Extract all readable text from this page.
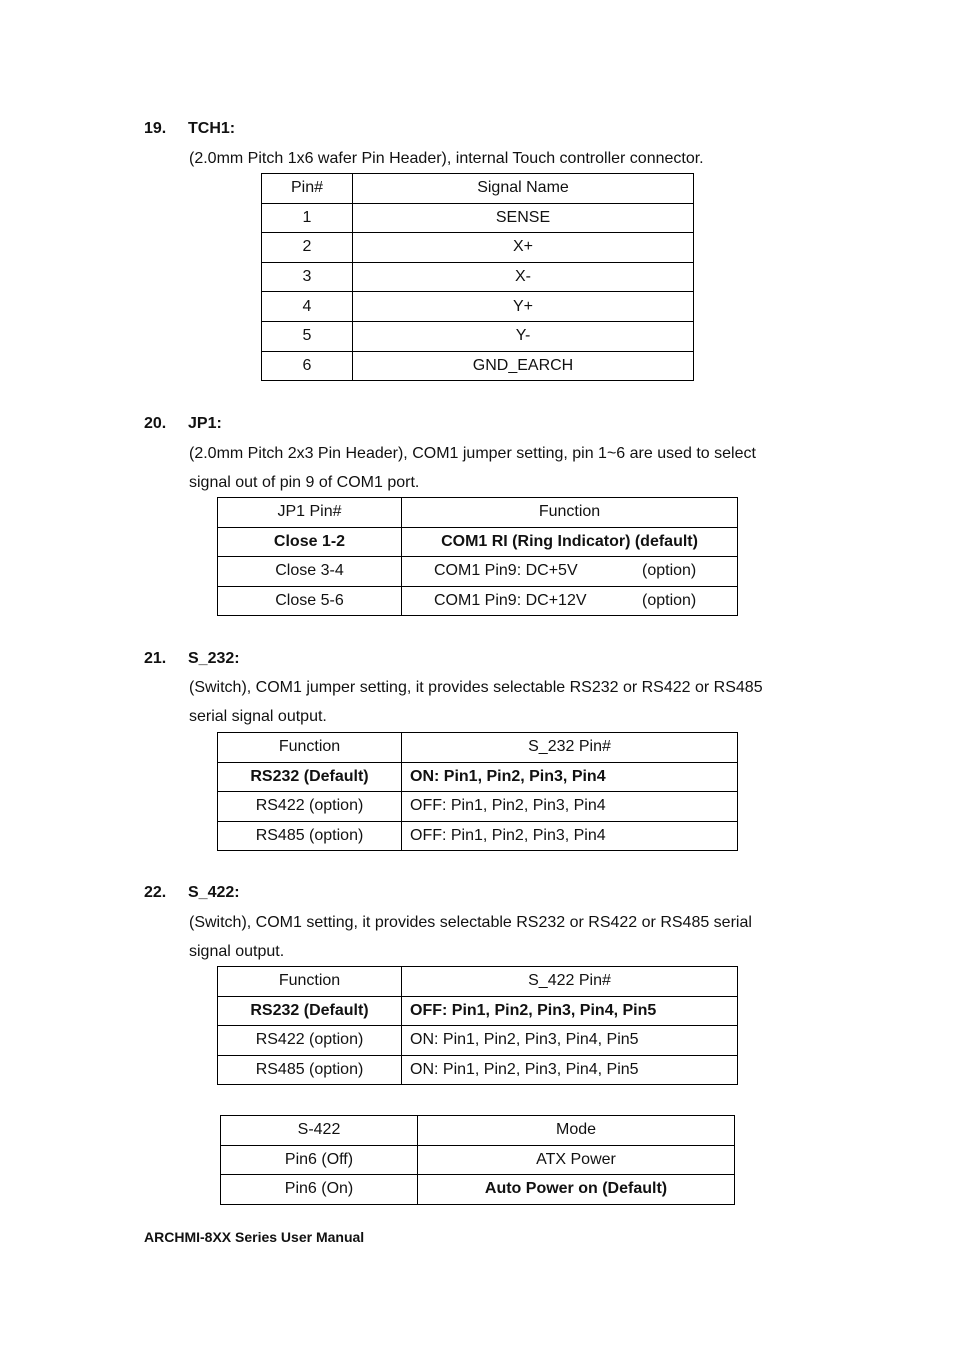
19. TCH1:
(2.0mm Pitch 1x6 wafer Pin Header), internal Touch controller connector.
Pin#	Signal Name
1	SENSE
2	X+
3	X-
4	Y+
5	Y-
6	GND_EARCH
20. JP1:
(2.0mm Pitch 2x3 Pin Header), COM1 jumper setting, pin 1~6 are used to select
signal out of pin 9 of COM1 port.
JP1 Pin#	Function
Close 1-2	COM1 RI (Ring Indicator) (default)
Close 3-4	COM1 Pin9: DC+5V (option)
Close 5-6	COM1 Pin9: DC+12V (option)
21. S_232:
(Switch), COM1 jumper setting, it provides selectable RS232 or RS422 or RS485
serial signal output.
Function	S_232 Pin#
RS232 (Default)	ON: Pin1, Pin2, Pin3, Pin4
RS422 (option)	OFF: Pin1, Pin2, Pin3, Pin4
RS485 (option)	OFF: Pin1, Pin2, Pin3, Pin4
22. S_422:
(Switch), COM1 setting, it provides selectable RS232 or RS422 or RS485 serial
signal output.
Function	S_422 Pin#
RS232 (Default)	OFF: Pin1, Pin2, Pin3, Pin4, Pin5
RS422 (option)	ON: Pin1, Pin2, Pin3, Pin4, Pin5
RS485 (option)	ON: Pin1, Pin2, Pin3, Pin4, Pin5
S-422	Mode
Pin6 (Off)	ATX Power
Pin6 (On)	Auto Power on (Default)
ARCHMI-8XX Series User Manual
